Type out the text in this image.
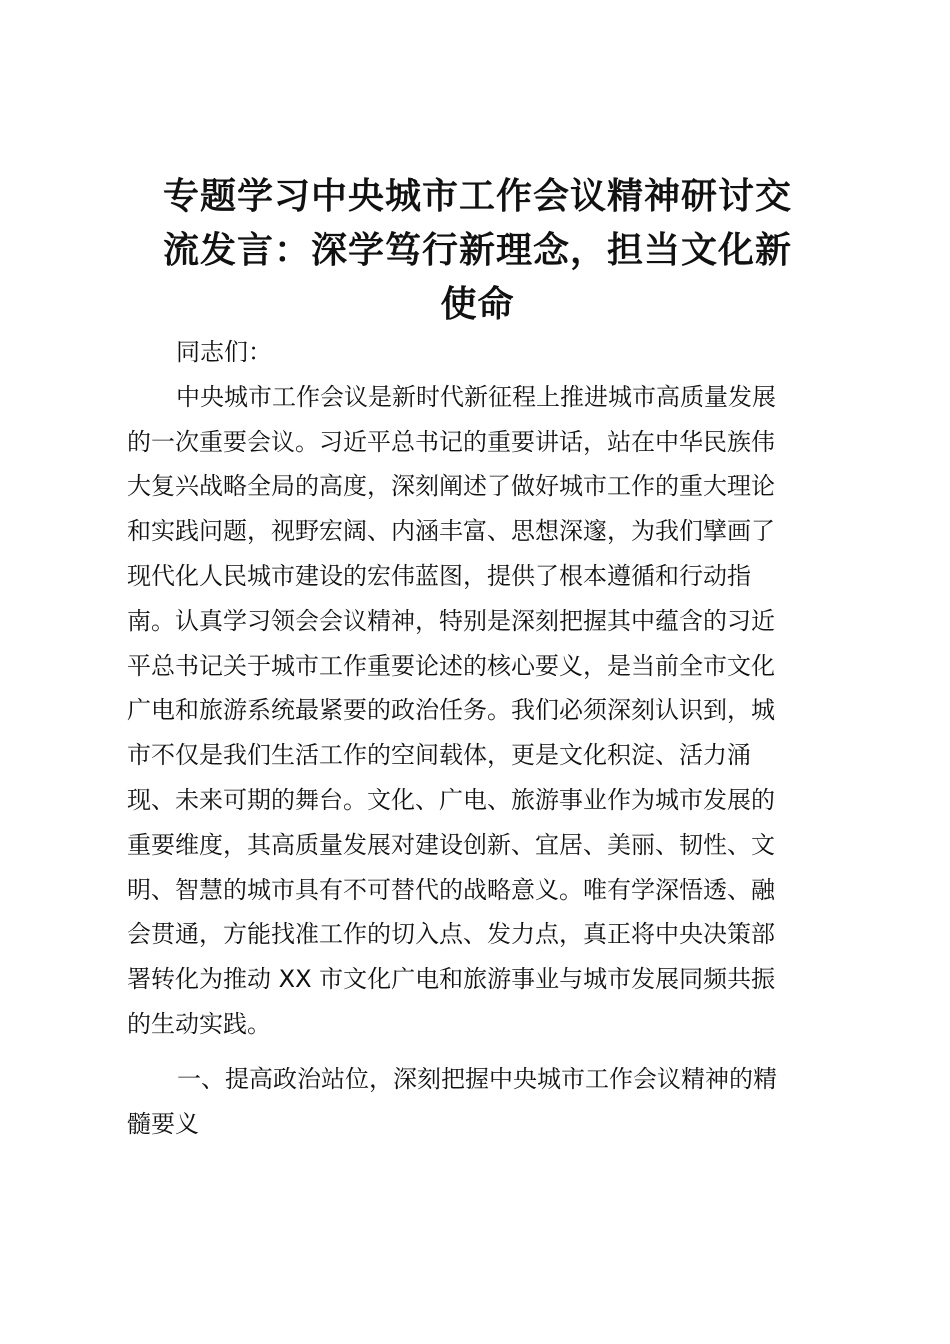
专题学习中央城市工作会议精神研讨交
流发言：深学笃行新理念，担当文化新
使命

同志们：

中央城市工作会议是新时代新征程上推进城市高质量发展
的一次重要会议。习近平总书记的重要讲话，站在中华民族伟
大复兴战略全局的高度，深刻阐述了做好城市工作的重大理论
和实践问题，视野宏阔、内涵丰富、思想深邃，为我们擘画了
现代化人民城市建设的宏伟蓝图，提供了根本遵循和行动指
南。认真学习领会会议精神，特别是深刻把握其中蕴含的习近
平总书记关于城市工作重要论述的核心要义，是当前全市文化
广电和旅游系统最紧要的政治任务。我们必须深刻认识到，城
市不仅是我们生活工作的空间载体，更是文化积淀、活力涌
现、未来可期的舞台。文化、广电、旅游事业作为城市发展的
重要维度，其高质量发展对建设创新、宜居、美丽、韧性、文
明、智慧的城市具有不可替代的战略意义。唯有学深悟透、融
会贯通，方能找准工作的切入点、发力点，真正将中央决策部
署转化为推动 XX 市文化广电和旅游事业与城市发展同频共振
的生动实践。

一、提高政治站位，深刻把握中央城市工作会议精神的精
髓要义
